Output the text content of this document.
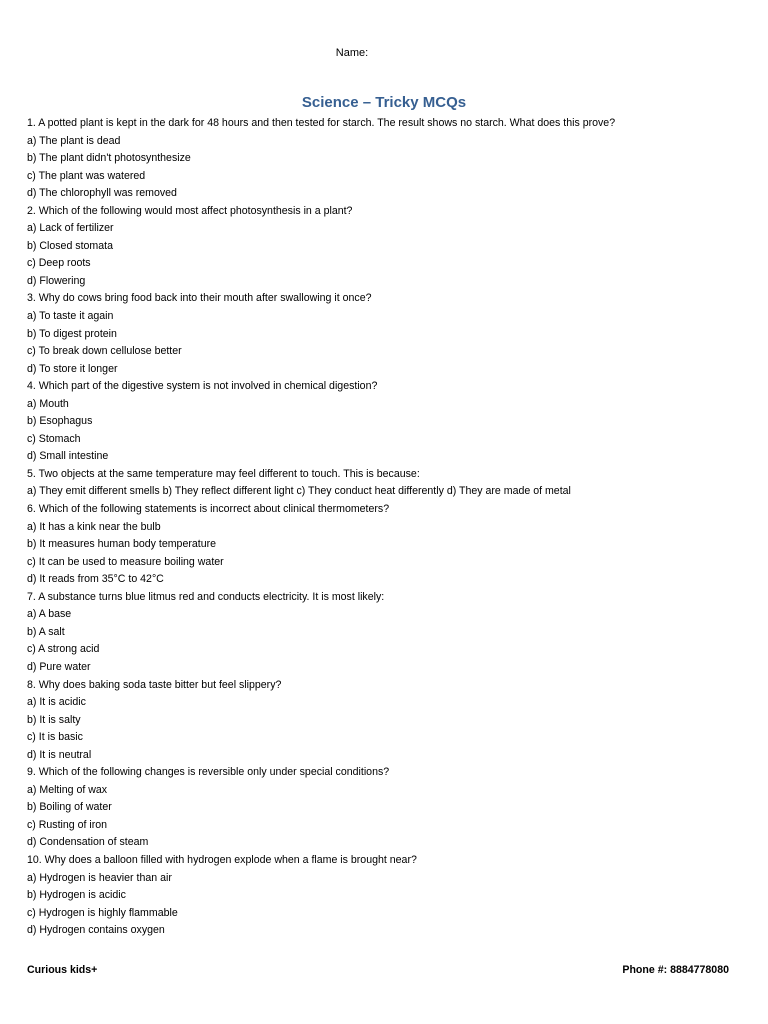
Name:
Science – Tricky MCQs
1. A potted plant is kept in the dark for 48 hours and then tested for starch. The result shows no starch. What does this prove?
a) The plant is dead
b) The plant didn't photosynthesize
c) The plant was watered
d) The chlorophyll was removed
2. Which of the following would most affect photosynthesis in a plant?
a) Lack of fertilizer
b) Closed stomata
c) Deep roots
d) Flowering
3. Why do cows bring food back into their mouth after swallowing it once?
a) To taste it again
b) To digest protein
c) To break down cellulose better
d) To store it longer
4. Which part of the digestive system is not involved in chemical digestion?
a) Mouth
b) Esophagus
c) Stomach
d) Small intestine
5. Two objects at the same temperature may feel different to touch. This is because:
a) They emit different smells b) They reflect different light c) They conduct heat differently d) They are made of metal
6. Which of the following statements is incorrect about clinical thermometers?
a) It has a kink near the bulb
b) It measures human body temperature
c) It can be used to measure boiling water
d) It reads from 35°C to 42°C
7. A substance turns blue litmus red and conducts electricity. It is most likely:
a) A base
b) A salt
c) A strong acid
d) Pure water
8. Why does baking soda taste bitter but feel slippery?
a) It is acidic
b) It is salty
c) It is basic
d) It is neutral
9. Which of the following changes is reversible only under special conditions?
a) Melting of wax
b) Boiling of water
c) Rusting of iron
d) Condensation of steam
10. Why does a balloon filled with hydrogen explode when a flame is brought near?
a) Hydrogen is heavier than air
b) Hydrogen is acidic
c) Hydrogen is highly flammable
d) Hydrogen contains oxygen
Curious kids+	Phone #: 8884778080
